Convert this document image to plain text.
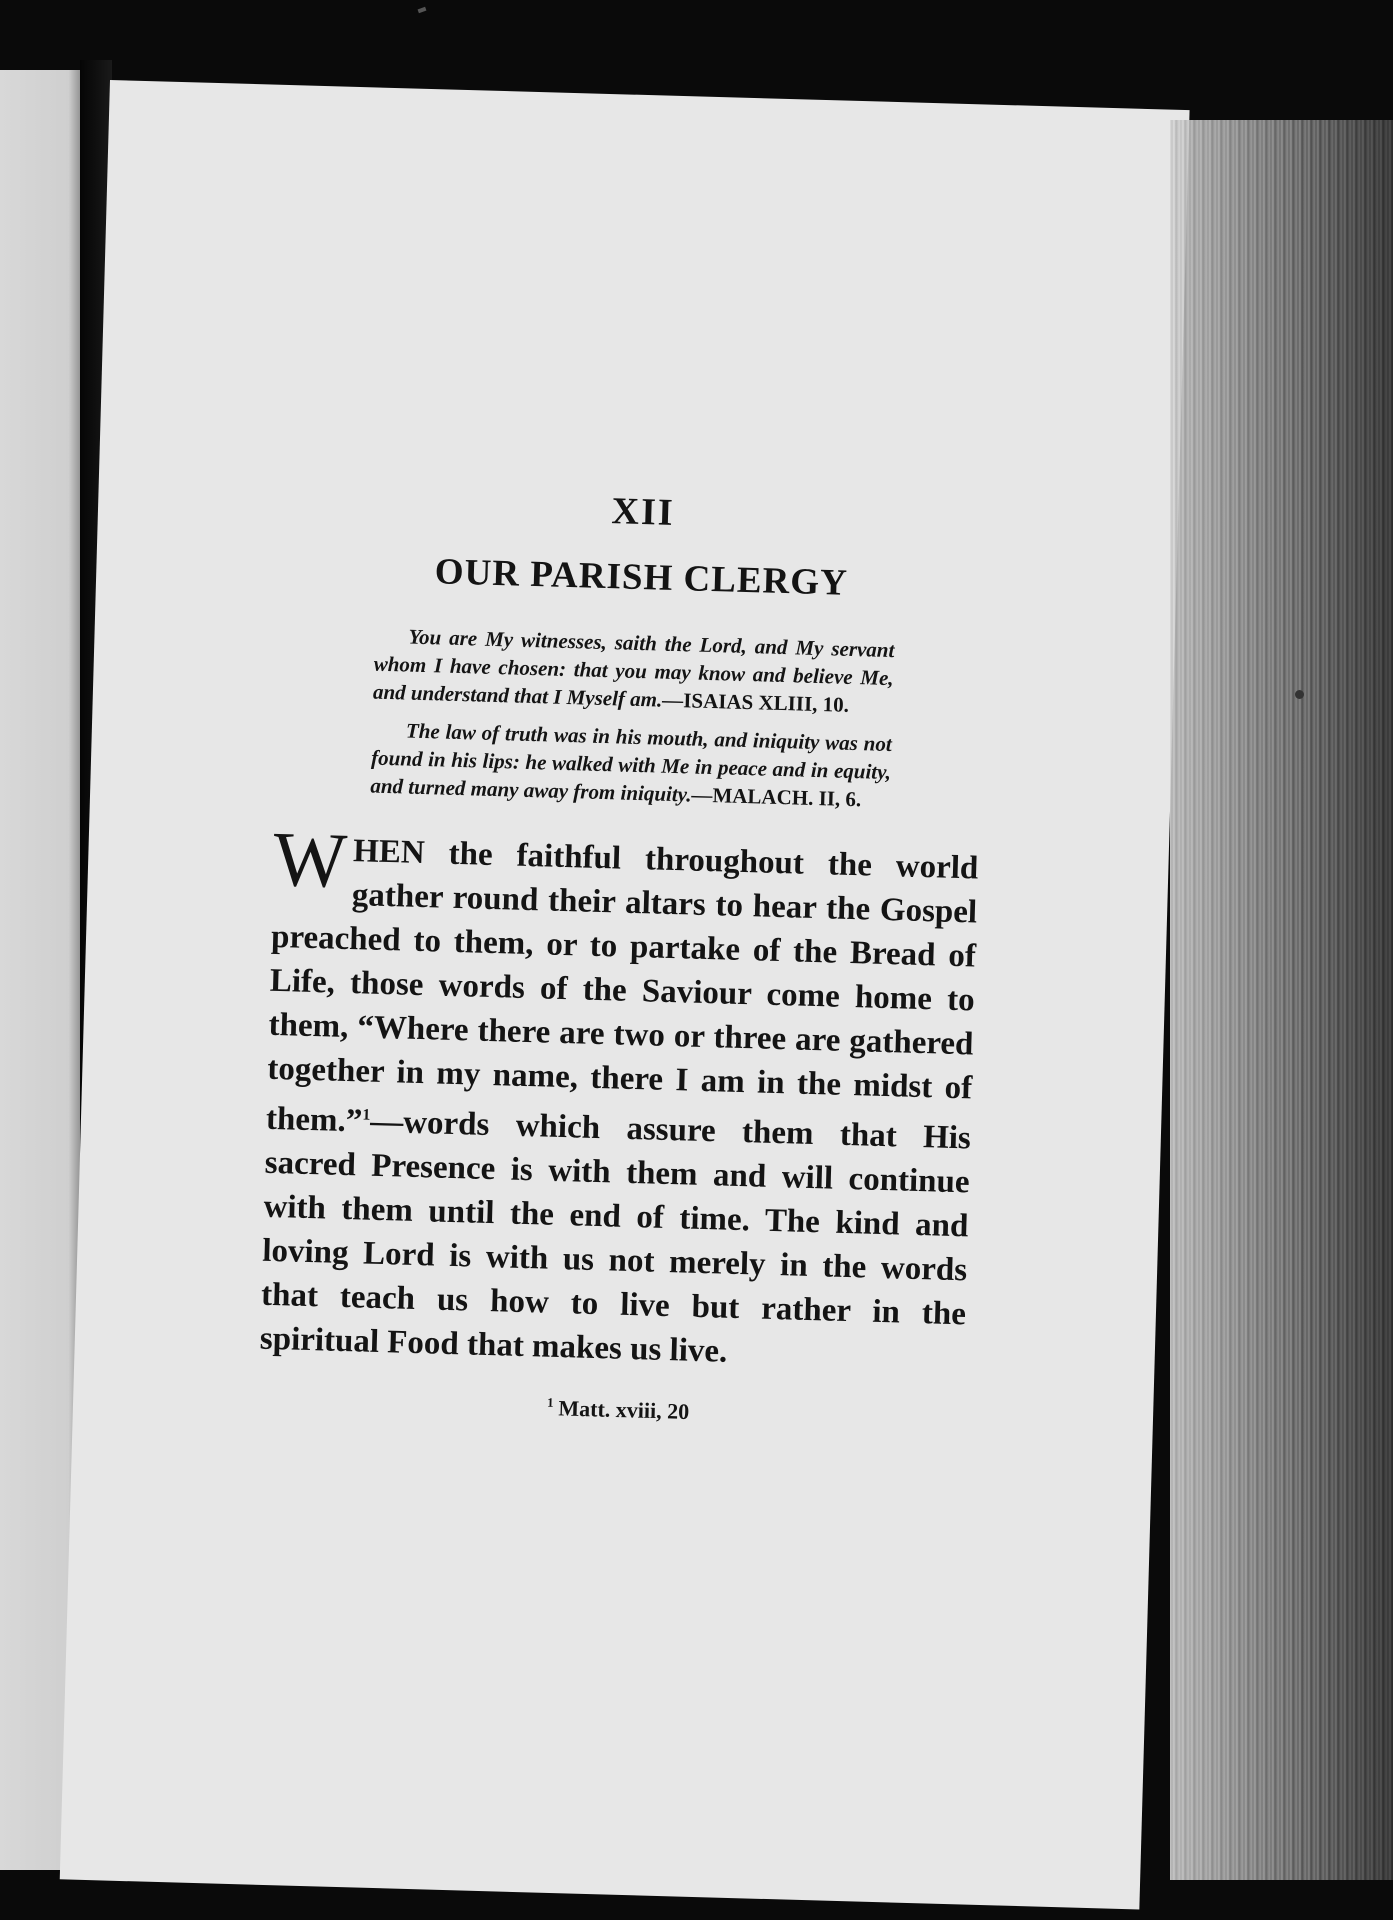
XII
OUR PARISH CLERGY
You are My witnesses, saith the Lord, and My servant whom I have chosen: that you may know and believe Me, and understand that I Myself am.—ISAIAS XLIII, 10.
The law of truth was in his mouth, and iniquity was not found in his lips: he walked with Me in peace and in equity, and turned many away from iniquity.—MALACH. II, 6.
WHEN the faithful throughout the world gather round their altars to hear the Gospel preached to them, or to partake of the Bread of Life, those words of the Saviour come home to them, “Where there are two or three are gathered together in my name, there I am in the midst of them.”$^1$—words which assure them that His sacred Presence is with them and will continue with them until the end of time. The kind and loving Lord is with us not merely in the words that teach us how to live but rather in the spiritual Food that makes us live.
$^1$ Matt. xviii, 20
